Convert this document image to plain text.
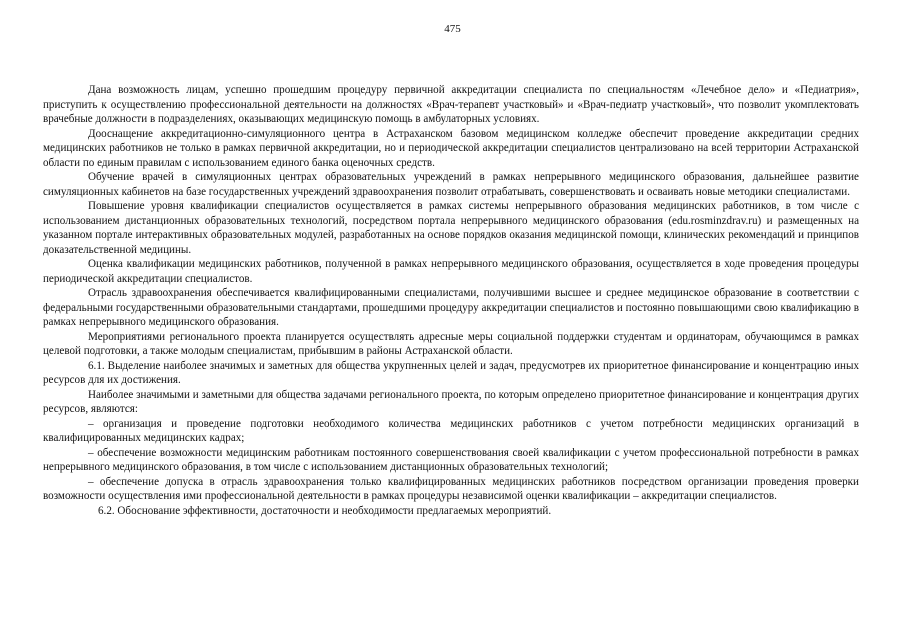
475

Дана возможность лицам, успешно прошедшим процедуру первичной аккредитации специалиста по специальностям «Лечебное дело» и «Педиатрия», приступить к осуществлению профессиональной деятельности на должностях «Врач-терапевт участковый» и «Врач-педиатр участковый», что позволит укомплектовать врачебные должности в подразделениях, оказывающих медицинскую помощь в амбулаторных условиях.

Дооснащение аккредитационно-симуляционного центра в Астраханском базовом медицинском колледже обеспечит проведение аккредитации средних медицинских работников не только в рамках первичной аккредитации, но и периодической аккредитации специалистов централизовано на всей территории Астраханской области по единым правилам с использованием единого банка оценочных средств.

Обучение врачей в симуляционных центрах образовательных учреждений в рамках непрерывного медицинского образования, дальнейшее развитие симуляционных кабинетов на базе государственных учреждений здравоохранения позволит отрабатывать, совершенствовать и осваивать новые методики специалистами.

Повышение уровня квалификации специалистов осуществляется в рамках системы непрерывного образования медицинских работников, в том числе с использованием дистанционных образовательных технологий, посредством портала непрерывного медицинского образования (edu.rosminzdrav.ru) и размещенных на указанном портале интерактивных образовательных модулей, разработанных на основе порядков оказания медицинской помощи, клинических рекомендаций и принципов доказательственной медицины.

Оценка квалификации медицинских работников, полученной в рамках непрерывного медицинского образования, осуществляется в ходе проведения процедуры периодической аккредитации специалистов.

Отрасль здравоохранения обеспечивается квалифицированными специалистами, получившими высшее и среднее медицинское образование в соответствии с федеральными государственными образовательными стандартами, прошедшими процедуру аккредитации специалистов и постоянно повышающими свою квалификацию в рамках непрерывного медицинского образования.

Мероприятиями регионального проекта планируется осуществлять адресные меры социальной поддержки студентам и ординаторам, обучающимся в рамках целевой подготовки, а также молодым специалистам, прибывшим в районы Астраханской области.

6.1. Выделение наиболее значимых и заметных для общества укрупненных целей и задач, предусмотрев их приоритетное финансирование и концентрацию иных ресурсов для их достижения.

Наиболее значимыми и заметными для общества задачами регионального проекта, по которым определено приоритетное финансирование и концентрация других ресурсов, являются:

– организация и проведение подготовки необходимого количества медицинских работников с учетом потребности медицинских организаций в квалифицированных медицинских кадрах;

– обеспечение возможности медицинским работникам постоянного совершенствования своей квалификации с учетом профессиональной потребности в рамках непрерывного медицинского образования, в том числе с использованием дистанционных образовательных технологий;

– обеспечение допуска в отрасль здравоохранения только квалифицированных медицинских работников посредством организации проведения проверки возможности осуществления ими профессиональной деятельности в рамках процедуры независимой оценки квалификации – аккредитации специалистов.

6.2. Обоснование эффективности, достаточности и необходимости предлагаемых мероприятий.
